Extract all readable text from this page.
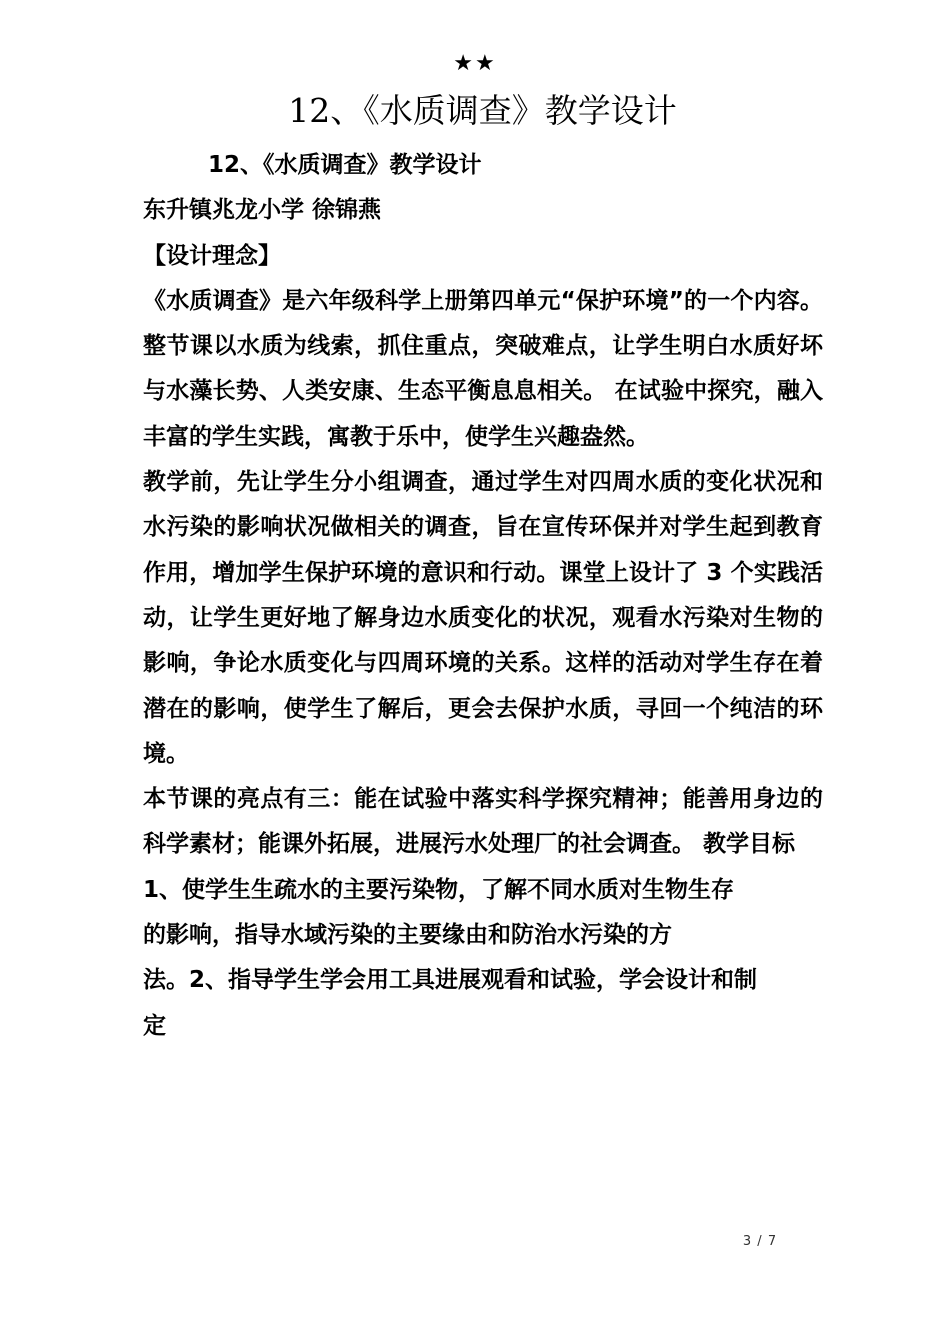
★★
12、《水质调查》教学设计

12、《水质调查》教学设计

东升镇兆龙小学 徐锦燕

【设计理念】

《水质调查》是六年级科学上册第四单元“保护环境”的一个内容。整节课以水质为线索，抓住重点，突破难点，让学生明白水质好坏与水藻长势、人类安康、生态平衡息息相关。 在试验中探究，融入丰富的学生实践，寓教于乐中，使学生兴趣盎然。

教学前，先让学生分小组调查，通过学生对四周水质的变化状况和水污染的影响状况做相关的调查，旨在宣传环保并对学生起到教育作用，增加学生保护环境的意识和行动。课堂上设计了 3 个实践活动，让学生更好地了解身边水质变化的状况，观看水污染对生物的影响，争论水质变化与四周环境的关系。这样的活动对学生存在着潜在的影响，使学生了解后，更会去保护水质，寻回一个纯洁的环境。

本节课的亮点有三：能在试验中落实科学探究精神；能善用身边的科学素材；能课外拓展，进展污水处理厂的社会调查。 教学目标

1、使学生生疏水的主要污染物，了解不同水质对生物生存

的影响，指导水域污染的主要缘由和防治水污染的方

法。2、指导学生学会用工具进展观看和试验，学会设计和制

定

3 / 7
